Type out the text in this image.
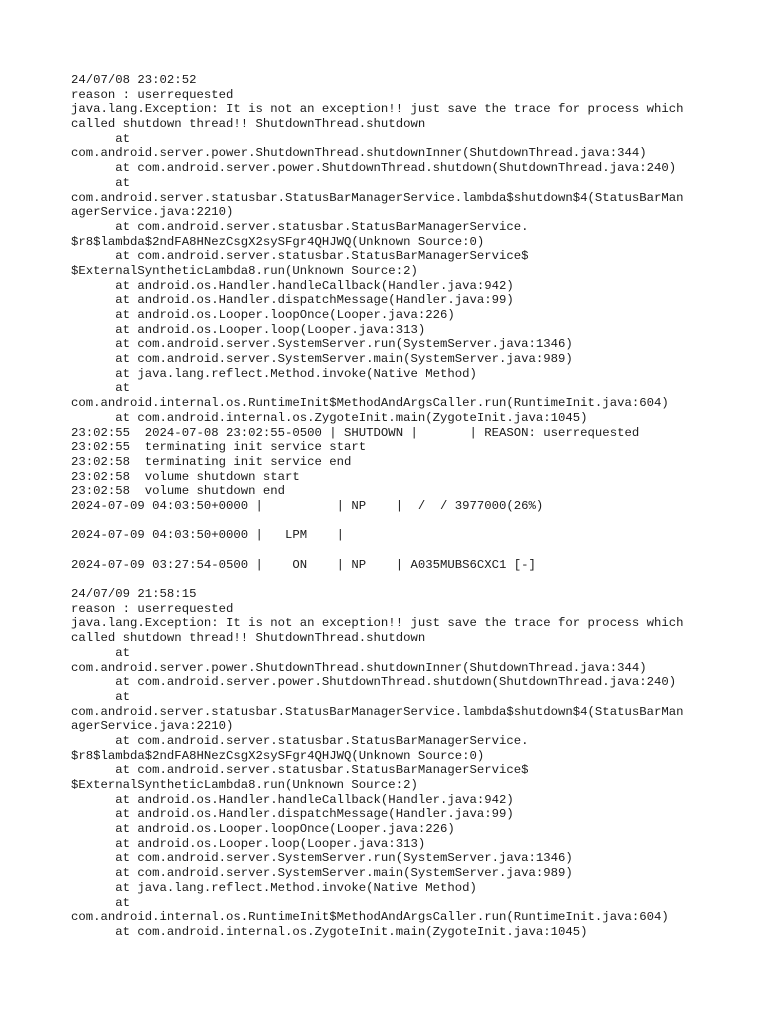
24/07/08 23:02:52
reason : userrequested
java.lang.Exception: It is not an exception!! just save the trace for process which
called shutdown thread!! ShutdownThread.shutdown
at
com.android.server.power.ShutdownThread.shutdownInner(ShutdownThread.java:344)
at com.android.server.power.ShutdownThread.shutdown(ShutdownThread.java:240)
at
com.android.server.statusbar.StatusBarManagerService.lambda$shutdown$4(StatusBarMan
agerService.java:2210)
at com.android.server.statusbar.StatusBarManagerService.
$r8$lambda$2ndFA8HNezCsgX2sySFgr4QHJWQ(Unknown Source:0)
at com.android.server.statusbar.StatusBarManagerService$
$ExternalSyntheticLambda8.run(Unknown Source:2)
at android.os.Handler.handleCallback(Handler.java:942)
at android.os.Handler.dispatchMessage(Handler.java:99)
at android.os.Looper.loopOnce(Looper.java:226)
at android.os.Looper.loop(Looper.java:313)
at com.android.server.SystemServer.run(SystemServer.java:1346)
at com.android.server.SystemServer.main(SystemServer.java:989)
at java.lang.reflect.Method.invoke(Native Method)
at
com.android.internal.os.RuntimeInit$MethodAndArgsCaller.run(RuntimeInit.java:604)
at com.android.internal.os.ZygoteInit.main(ZygoteInit.java:1045)
23:02:55  2024-07-08 23:02:55-0500 | SHUTDOWN |       | REASON: userrequested
23:02:55  terminating init service start
23:02:58  terminating init service end
23:02:58  volume shutdown start
23:02:58  volume shutdown end
2024-07-09 04:03:50+0000 |          | NP    |  /  / 3977000(26%)
2024-07-09 04:03:50+0000 |   LPM    |
2024-07-09 03:27:54-0500 |    ON    | NP    | A035MUBS6CXC1 [-]
24/07/09 21:58:15
reason : userrequested
java.lang.Exception: It is not an exception!! just save the trace for process which
called shutdown thread!! ShutdownThread.shutdown
at
com.android.server.power.ShutdownThread.shutdownInner(ShutdownThread.java:344)
at com.android.server.power.ShutdownThread.shutdown(ShutdownThread.java:240)
at
com.android.server.statusbar.StatusBarManagerService.lambda$shutdown$4(StatusBarMan
agerService.java:2210)
at com.android.server.statusbar.StatusBarManagerService.
$r8$lambda$2ndFA8HNezCsgX2sySFgr4QHJWQ(Unknown Source:0)
at com.android.server.statusbar.StatusBarManagerService$
$ExternalSyntheticLambda8.run(Unknown Source:2)
at android.os.Handler.handleCallback(Handler.java:942)
at android.os.Handler.dispatchMessage(Handler.java:99)
at android.os.Looper.loopOnce(Looper.java:226)
at android.os.Looper.loop(Looper.java:313)
at com.android.server.SystemServer.run(SystemServer.java:1346)
at com.android.server.SystemServer.main(SystemServer.java:989)
at java.lang.reflect.Method.invoke(Native Method)
at
com.android.internal.os.RuntimeInit$MethodAndArgsCaller.run(RuntimeInit.java:604)
at com.android.internal.os.ZygoteInit.main(ZygoteInit.java:1045)
